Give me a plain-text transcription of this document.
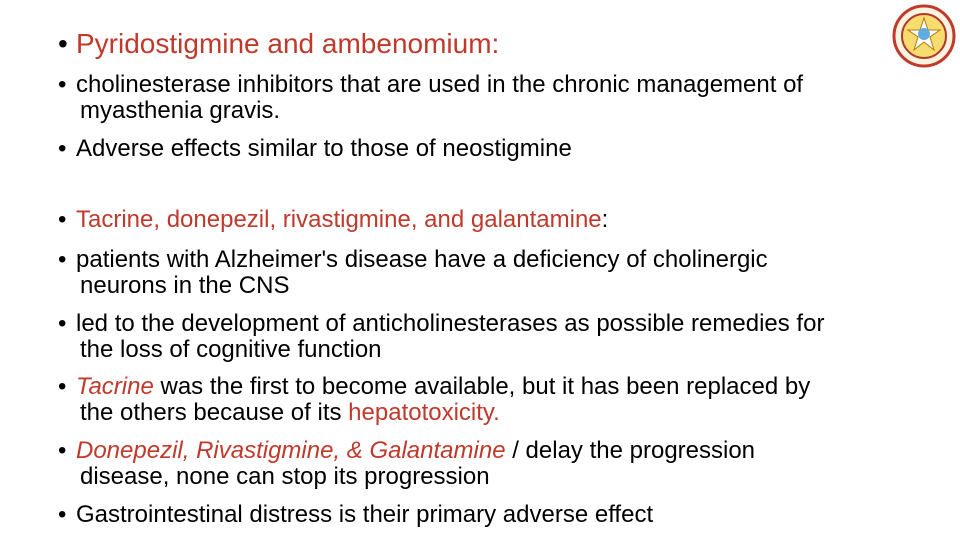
• Pyridostigmine and ambenomium:
• cholinesterase inhibitors that are used in the chronic management of
myasthenia gravis.
• Adverse effects similar to those of neostigmine
• Tacrine, donepezil, rivastigmine, and galantamine:
• patients with Alzheimer's disease have a deficiency of cholinergic
neurons in the CNS
• led to the development of anticholinesterases as possible remedies for
the loss of cognitive function
• Tacrine was the first to become available, but it has been replaced by
the others because of its hepatotoxicity.
• Donepezil, Rivastigmine, & Galantamine / delay the progression
disease, none can stop its progression
• Gastrointestinal distress is their primary adverse effect
